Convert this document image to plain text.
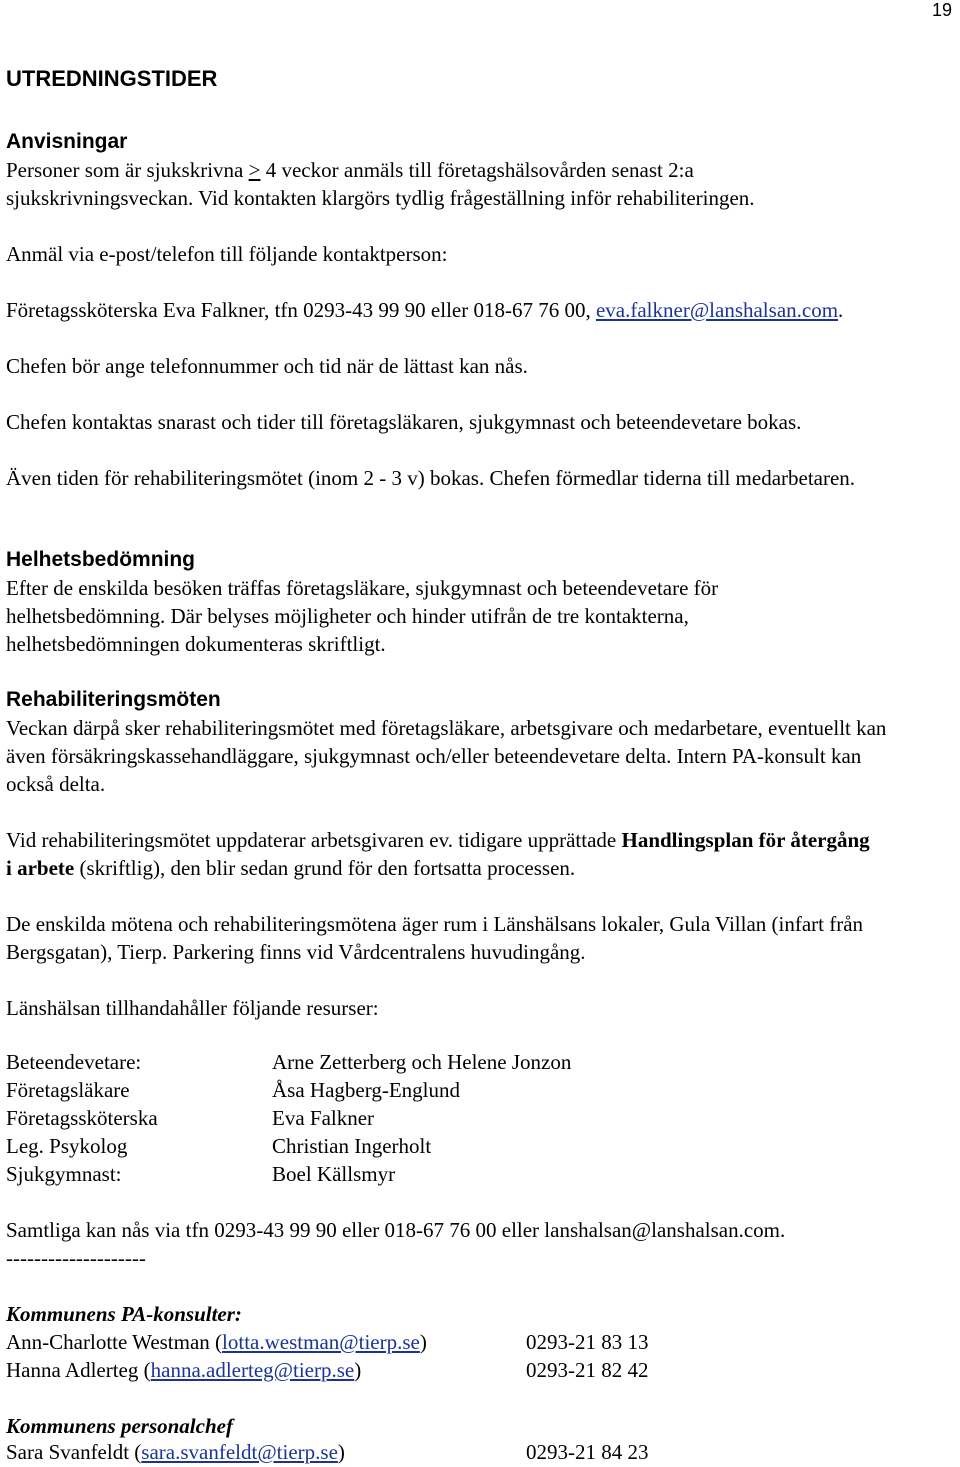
19
UTREDNINGSTIDER
Anvisningar

Personer som är sjukskrivna ≥ 4 veckor anmäls till företagshälsovården senast 2:a sjukskrivningsveckan. Vid kontakten klargörs tydlig frågeställning inför rehabiliteringen.

Anmäl via e-post/telefon till följande kontaktperson:

Företagssköterska Eva Falkner, tfn 0293-43 99 90 eller 018-67 76 00, eva.falkner@lanshalsan.com.

Chefen bör ange telefonnummer och tid när de lättast kan nås.

Chefen kontaktas snarast och tider till företagsläkaren, sjukgymnast och beteendevetare bokas.

Även tiden för rehabiliteringsmötet (inom 2 - 3 v) bokas. Chefen förmedlar tiderna till medarbetaren.

Helhetsbedömning

Efter de enskilda besöken träffas företagsläkare, sjukgymnast och beteendevetare för helhetsbedömning. Där belyses möjligheter och hinder utifrån de tre kontakterna, helhetsbedömningen dokumenteras skriftligt.

Rehabiliteringsmöten

Veckan därpå sker rehabiliteringsmötet med företagsläkare, arbetsgivare och medarbetare, eventuellt kan även försäkringskassehandläggare, sjukgymnast och/eller beteendevetare delta. Intern PA-konsult kan också delta.

Vid rehabiliteringsmötet uppdaterar arbetsgivaren ev. tidigare upprättade Handlingsplan för återgång i arbete (skriftlig), den blir sedan grund för den fortsatta processen.

De enskilda mötena och rehabiliteringsmötena äger rum i Länshälsans lokaler, Gula Villan (infart från Bergsgatan), Tierp. Parkering finns vid Vårdcentralens huvudingång.

Länshälsan tillhandahåller följande resurser:

Beteendevetare:	Arne Zetterberg och Helene Jonzon
Företagsläkare	Åsa Hagberg-Englund
Företagssköterska	Eva Falkner
Leg. Psykolog	Christian Ingerholt
Sjukgymnast:	Boel Källsmyr

Samtliga kan nås via tfn 0293-43 99 90 eller 018-67 76 00 eller lanshalsan@lanshalsan.com.

--------------------

Kommunens PA-konsulter:
Ann-Charlotte Westman (lotta.westman@tierp.se)	0293-21 83 13
Hanna Adlerteg (hanna.adlerteg@tierp.se)	0293-21 82 42
Kommunens personalchef
Sara Svanfeldt (sara.svanfeldt@tierp.se)	0293-21 84 23
